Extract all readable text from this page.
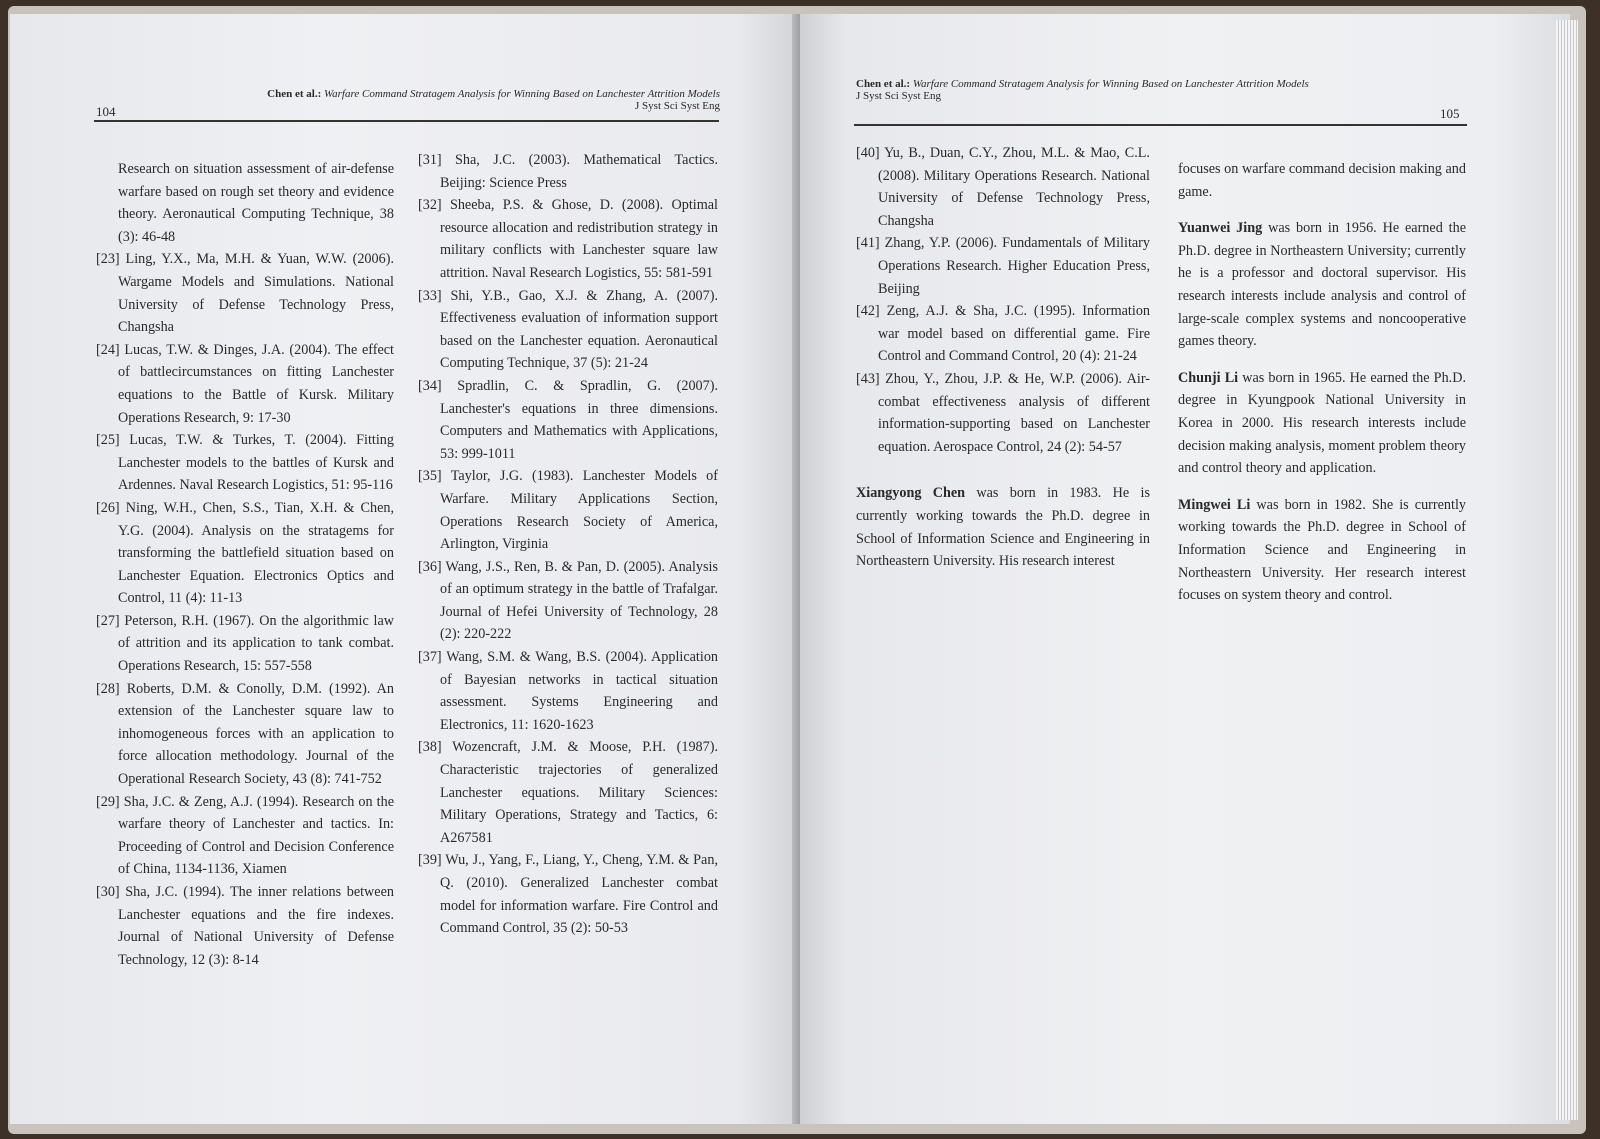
104
Chen et al.: Warfare Command Stratagem Analysis for Winning Based on Lanchester Attrition Models
J Syst Sci Syst Eng

Research on situation assessment of air-defense warfare based on rough set theory and evidence theory. Aeronautical Computing Technique, 38 (3): 46-48

[23] Ling, Y.X., Ma, M.H. & Yuan, W.W. (2006). Wargame Models and Simulations. National University of Defense Technology Press, Changsha

[24] Lucas, T.W. & Dinges, J.A. (2004). The effect of battlecircumstances on fitting Lanchester equations to the Battle of Kursk. Military Operations Research, 9: 17-30

[25] Lucas, T.W. & Turkes, T. (2004). Fitting Lanchester models to the battles of Kursk and Ardennes. Naval Research Logistics, 51: 95-116

[26] Ning, W.H., Chen, S.S., Tian, X.H. & Chen, Y.G. (2004). Analysis on the stratagems for transforming the battlefield situation based on Lanchester Equation. Electronics Optics and Control, 11 (4): 11-13

[27] Peterson, R.H. (1967). On the algorithmic law of attrition and its application to tank combat. Operations Research, 15: 557-558

[28] Roberts, D.M. & Conolly, D.M. (1992). An extension of the Lanchester square law to inhomogeneous forces with an application to force allocation methodology. Journal of the Operational Research Society, 43 (8): 741-752

[29] Sha, J.C. & Zeng, A.J. (1994). Research on the warfare theory of Lanchester and tactics. In: Proceeding of Control and Decision Conference of China, 1134-1136, Xiamen

[30] Sha, J.C. (1994). The inner relations between Lanchester equations and the fire indexes. Journal of National University of Defense Technology, 12 (3): 8-14

[31] Sha, J.C. (2003). Mathematical Tactics. Beijing: Science Press

[32] Sheeba, P.S. & Ghose, D. (2008). Optimal resource allocation and redistribution strategy in military conflicts with Lanchester square law attrition. Naval Research Logistics, 55: 581-591

[33] Shi, Y.B., Gao, X.J. & Zhang, A. (2007). Effectiveness evaluation of information support based on the Lanchester equation. Aeronautical Computing Technique, 37 (5): 21-24

[34] Spradlin, C. & Spradlin, G. (2007). Lanchester's equations in three dimensions. Computers and Mathematics with Applications, 53: 999-1011

[35] Taylor, J.G. (1983). Lanchester Models of Warfare. Military Applications Section, Operations Research Society of America, Arlington, Virginia

[36] Wang, J.S., Ren, B. & Pan, D. (2005). Analysis of an optimum strategy in the battle of Trafalgar. Journal of Hefei University of Technology, 28 (2): 220-222

[37] Wang, S.M. & Wang, B.S. (2004). Application of Bayesian networks in tactical situation assessment. Systems Engineering and Electronics, 11: 1620-1623

[38] Wozencraft, J.M. & Moose, P.H. (1987). Characteristic trajectories of generalized Lanchester equations. Military Sciences: Military Operations, Strategy and Tactics, 6: A267581

[39] Wu, J., Yang, F., Liang, Y., Cheng, Y.M. & Pan, Q. (2010). Generalized Lanchester combat model for information warfare. Fire Control and Command Control, 35 (2): 50-53

Chen et al.: Warfare Command Stratagem Analysis for Winning Based on Lanchester Attrition Models
J Syst Sci Syst Eng
105

[40] Yu, B., Duan, C.Y., Zhou, M.L. & Mao, C.L. (2008). Military Operations Research. National University of Defense Technology Press, Changsha

[41] Zhang, Y.P. (2006). Fundamentals of Military Operations Research. Higher Education Press, Beijing

[42] Zeng, A.J. & Sha, J.C. (1995). Information war model based on differential game. Fire Control and Command Control, 20 (4): 21-24

[43] Zhou, Y., Zhou, J.P. & He, W.P. (2006). Air-combat effectiveness analysis of different information-supporting based on Lanchester equation. Aerospace Control, 24 (2): 54-57

Xiangyong Chen was born in 1983. He is currently working towards the Ph.D. degree in School of Information Science and Engineering in Northeastern University. His research interest

focuses on warfare command decision making and game.

Yuanwei Jing was born in 1956. He earned the Ph.D. degree in Northeastern University; currently he is a professor and doctoral supervisor. His research interests include analysis and control of large-scale complex systems and noncooperative games theory.

Chunji Li was born in 1965. He earned the Ph.D. degree in Kyungpook National University in Korea in 2000. His research interests include decision making analysis, moment problem theory and control theory and application.

Mingwei Li was born in 1982. She is currently working towards the Ph.D. degree in School of Information Science and Engineering in Northeastern University. Her research interest focuses on system theory and control.
